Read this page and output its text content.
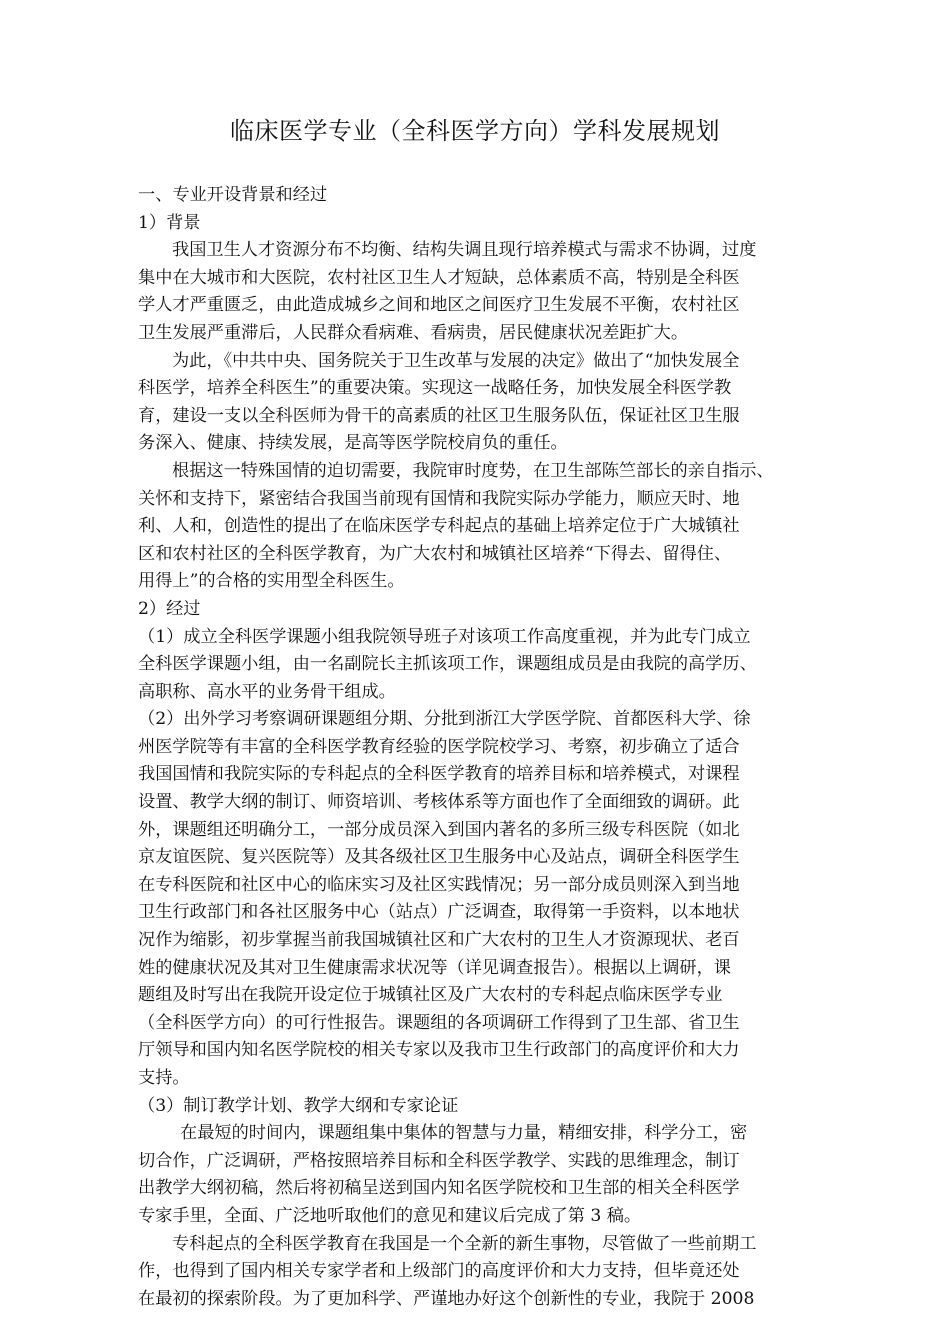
临床医学专业（全科医学方向）学科发展规划
一、专业开设背景和经过
1）背景
我国卫生人才资源分布不均衡、结构失调且现行培养模式与需求不协调，过度
集中在大城市和大医院，农村社区卫生人才短缺，总体素质不高，特别是全科医
学人才严重匮乏，由此造成城乡之间和地区之间医疗卫生发展不平衡，农村社区
卫生发展严重滞后，人民群众看病难、看病贵，居民健康状况差距扩大。
为此，《中共中央、国务院关于卫生改革与发展的决定》做出了“加快发展全
科医学，培养全科医生”的重要决策。实现这一战略任务，加快发展全科医学教
育，建设一支以全科医师为骨干的高素质的社区卫生服务队伍，保证社区卫生服
务深入、健康、持续发展，是高等医学院校肩负的重任。
根据这一特殊国情的迫切需要，我院审时度势，在卫生部陈竺部长的亲自指示、
关怀和支持下，紧密结合我国当前现有国情和我院实际办学能力，顺应天时、地
利、人和，创造性的提出了在临床医学专科起点的基础上培养定位于广大城镇社
区和农村社区的全科医学教育，为广大农村和城镇社区培养“下得去、留得住、
用得上”的合格的实用型全科医生。
2）经过
（1）成立全科医学课题小组我院领导班子对该项工作高度重视，并为此专门成立
全科医学课题小组，由一名副院长主抓该项工作，课题组成员是由我院的高学历、
高职称、高水平的业务骨干组成。
（2）出外学习考察调研课题组分期、分批到浙江大学医学院、首都医科大学、徐
州医学院等有丰富的全科医学教育经验的医学院校学习、考察，初步确立了适合
我国国情和我院实际的专科起点的全科医学教育的培养目标和培养模式，对课程
设置、教学大纲的制订、师资培训、考核体系等方面也作了全面细致的调研。此
外，课题组还明确分工，一部分成员深入到国内著名的多所三级专科医院（如北
京友谊医院、复兴医院等）及其各级社区卫生服务中心及站点，调研全科医学生
在专科医院和社区中心的临床实习及社区实践情况；另一部分成员则深入到当地
卫生行政部门和各社区服务中心（站点）广泛调查，取得第一手资料，以本地状
况作为缩影，初步掌握当前我国城镇社区和广大农村的卫生人才资源现状、老百
姓的健康状况及其对卫生健康需求状况等（详见调查报告）。根据以上调研，课
题组及时写出在我院开设定位于城镇社区及广大农村的专科起点临床医学专业
（全科医学方向）的可行性报告。课题组的各项调研工作得到了卫生部、省卫生
厅领导和国内知名医学院校的相关专家以及我市卫生行政部门的高度评价和大力
支持。
（3）制订教学计划、教学大纲和专家论证
在最短的时间内，课题组集中集体的智慧与力量，精细安排，科学分工，密
切合作，广泛调研，严格按照培养目标和全科医学教学、实践的思维理念，制订
出教学大纲初稿，然后将初稿呈送到国内知名医学院校和卫生部的相关全科医学
专家手里，全面、广泛地听取他们的意见和建议后完成了第 3 稿。
专科起点的全科医学教育在我国是一个全新的新生事物，尽管做了一些前期工
作，也得到了国内相关专家学者和上级部门的高度评价和大力支持，但毕竟还处
在最初的探索阶段。为了更加科学、严谨地办好这个创新性的专业，我院于 2008
